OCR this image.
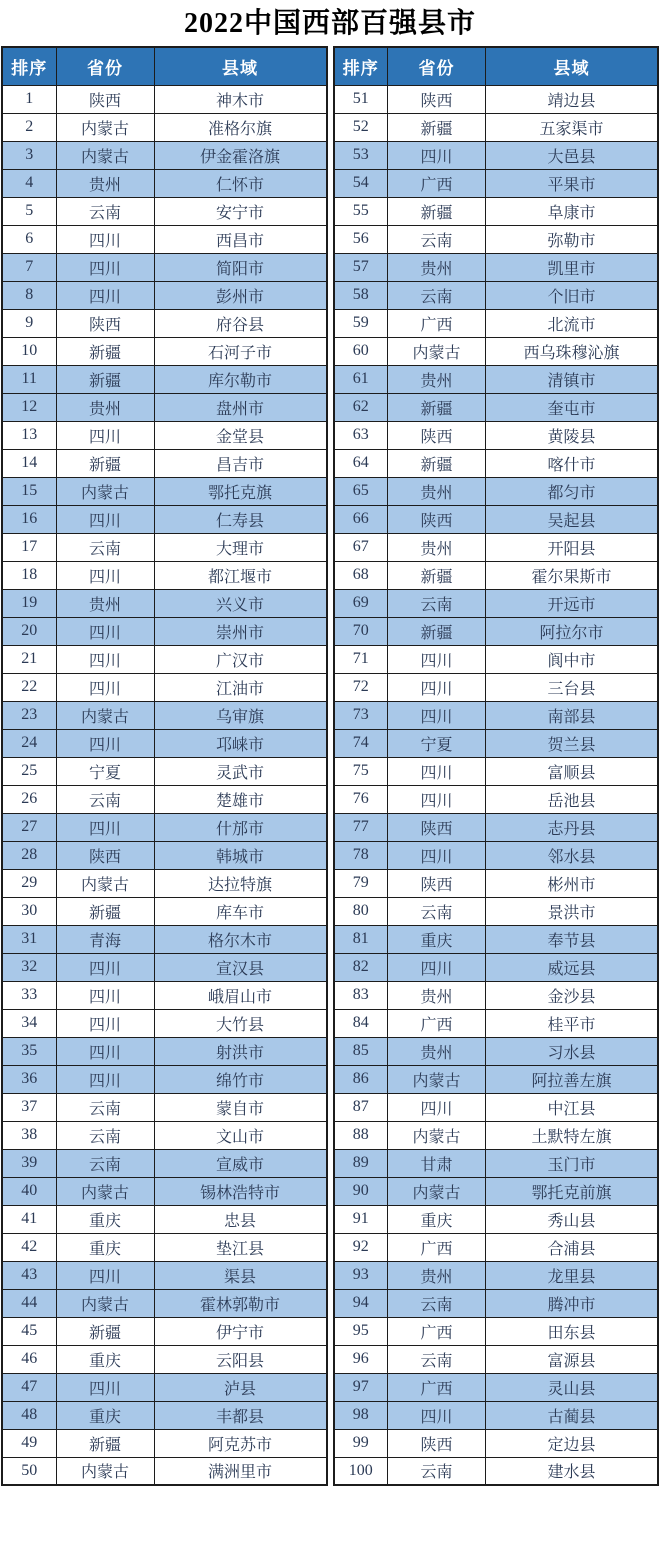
2022中国西部百强县市
排序	省份	县域
1	陕西	神木市
2	内蒙古	准格尔旗
3	内蒙古	伊金霍洛旗
4	贵州	仁怀市
5	云南	安宁市
6	四川	西昌市
7	四川	简阳市
8	四川	彭州市
9	陕西	府谷县
10	新疆	石河子市
11	新疆	库尔勒市
12	贵州	盘州市
13	四川	金堂县
14	新疆	昌吉市
15	内蒙古	鄂托克旗
16	四川	仁寿县
17	云南	大理市
18	四川	都江堰市
19	贵州	兴义市
20	四川	崇州市
21	四川	广汉市
22	四川	江油市
23	内蒙古	乌审旗
24	四川	邛崃市
25	宁夏	灵武市
26	云南	楚雄市
27	四川	什邡市
28	陕西	韩城市
29	内蒙古	达拉特旗
30	新疆	库车市
31	青海	格尔木市
32	四川	宣汉县
33	四川	峨眉山市
34	四川	大竹县
35	四川	射洪市
36	四川	绵竹市
37	云南	蒙自市
38	云南	文山市
39	云南	宣威市
40	内蒙古	锡林浩特市
41	重庆	忠县
42	重庆	垫江县
43	四川	渠县
44	内蒙古	霍林郭勒市
45	新疆	伊宁市
46	重庆	云阳县
47	四川	泸县
48	重庆	丰都县
49	新疆	阿克苏市
50	内蒙古	满洲里市
排序	省份	县域
51	陕西	靖边县
52	新疆	五家渠市
53	四川	大邑县
54	广西	平果市
55	新疆	阜康市
56	云南	弥勒市
57	贵州	凯里市
58	云南	个旧市
59	广西	北流市
60	内蒙古	西乌珠穆沁旗
61	贵州	清镇市
62	新疆	奎屯市
63	陕西	黄陵县
64	新疆	喀什市
65	贵州	都匀市
66	陕西	吴起县
67	贵州	开阳县
68	新疆	霍尔果斯市
69	云南	开远市
70	新疆	阿拉尔市
71	四川	阆中市
72	四川	三台县
73	四川	南部县
74	宁夏	贺兰县
75	四川	富顺县
76	四川	岳池县
77	陕西	志丹县
78	四川	邻水县
79	陕西	彬州市
80	云南	景洪市
81	重庆	奉节县
82	四川	威远县
83	贵州	金沙县
84	广西	桂平市
85	贵州	习水县
86	内蒙古	阿拉善左旗
87	四川	中江县
88	内蒙古	土默特左旗
89	甘肃	玉门市
90	内蒙古	鄂托克前旗
91	重庆	秀山县
92	广西	合浦县
93	贵州	龙里县
94	云南	腾冲市
95	广西	田东县
96	云南	富源县
97	广西	灵山县
98	四川	古蔺县
99	陕西	定边县
100	云南	建水县
